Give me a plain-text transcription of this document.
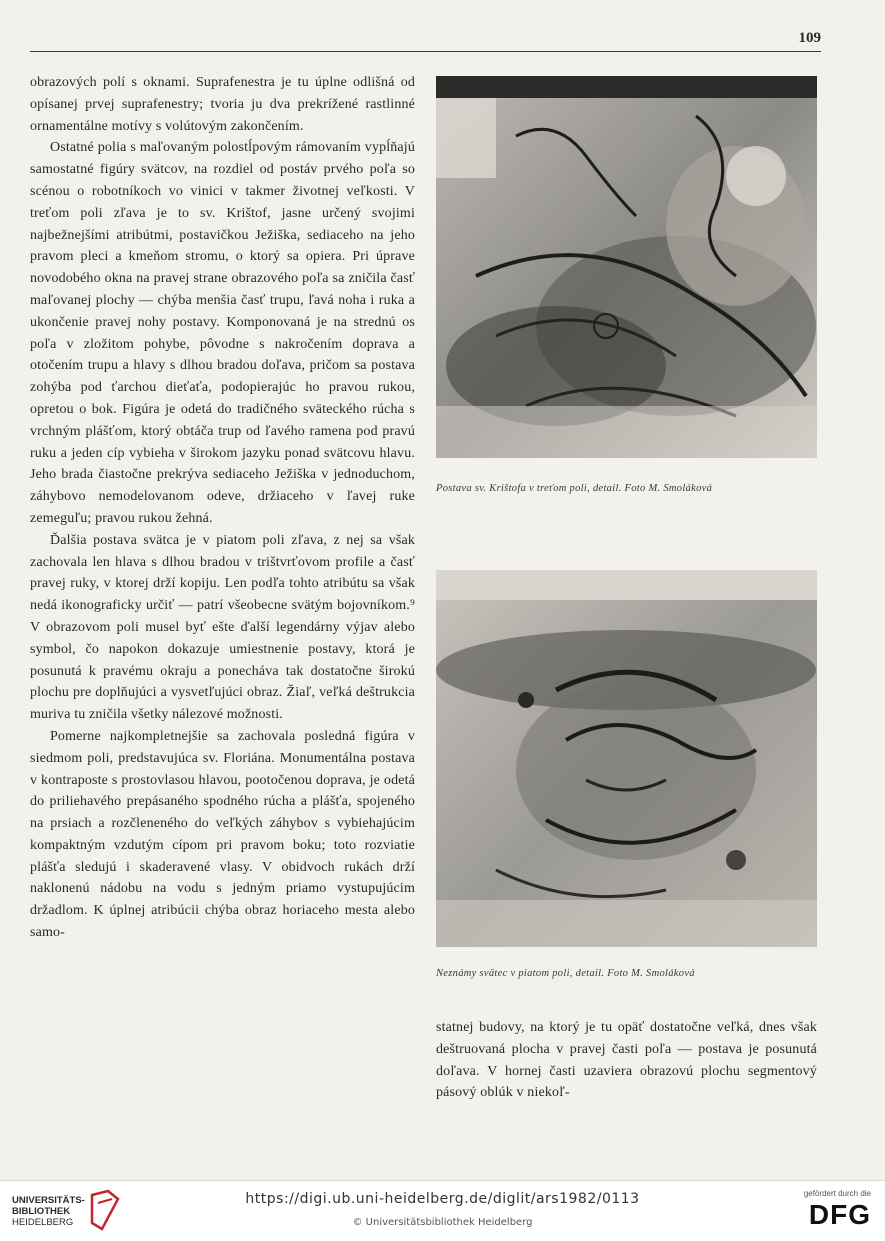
109

obrazových polí s oknami. Suprafenestra je tu úplne odlišná od opísanej prvej suprafenestry; tvoria ju dva prekrížené rastlinné ornamentálne motívy s volútovým zakončením.

Ostatné polia s maľovaným polostĺpovým rámovaním vypĺňajú samostatné figúry svätcov, na rozdiel od postáv prvého poľa so scénou o robotníkoch vo vinici v takmer životnej veľkosti. V treťom poli zľava je to sv. Krištof, jasne určený svojimi najbežnejšími atribútmi, postavičkou Ježiška, sediaceho na jeho pravom pleci a kmeňom stromu, o ktorý sa opiera. Pri úprave novodobého okna na pravej strane obrazového poľa sa zničila časť maľovanej plochy — chýba menšia časť trupu, ľavá noha i ruka a ukončenie pravej nohy postavy. Komponovaná je na strednú os poľa v zložitom pohybe, pôvodne s nakročením doprava a otočením trupu a hlavy s dlhou bradou doľava, pričom sa postava zohýba pod ťarchou dieťaťa, podopierajúc ho pravou rukou, opretou o bok. Figúra je odetá do tradičného sväteckého rúcha s vrchným plášťom, ktorý obtáča trup od ľavého ramena pod pravú ruku a jeden cíp vybieha v širokom jazyku ponad svätcovu hlavu. Jeho brada čiastočne prekrýva sediaceho Ježiška v jednoduchom, záhybovo nemodelovanom odeve, držiaceho v ľavej ruke zemeguľu; pravou rukou žehná.

Ďalšia postava svätca je v piatom poli zľava, z nej sa však zachovala len hlava s dlhou bradou v trištvrťovom profile a časť pravej ruky, v ktorej drží kopiju. Len podľa tohto atribútu sa však nedá ikonograficky určiť — patrí všeobecne svätým bojovníkom.⁹ V obrazovom poli musel byť ešte ďalší legendárny výjav alebo symbol, čo napokon dokazuje umiestnenie postavy, ktorá je posunutá k pravému okraju a ponecháva tak dostatočne širokú plochu pre doplňujúci a vysvetľujúci obraz. Žiaľ, veľká deštrukcia muriva tu zničila všetky nálezové možnosti.

Pomerne najkompletnejšie sa zachovala posledná figúra v siedmom poli, predstavujúca sv. Floriána. Monumentálna postava v kontraposte s prostovlasou hlavou, pootočenou doprava, je odetá do priliehavého prepásaného spodného rúcha a plášťa, spojeného na prsiach a rozčleneného do veľkých záhybov s vybiehajúcim kompaktným vzdutým cípom pri pravom boku; toto rozviatie plášťa sledujú i skaderavené vlasy. V obidvoch rukách drží naklonenú nádobu na vodu s jedným priamo vystupujúcim držadlom. K úplnej atribúcii chýba obraz horiaceho mesta alebo samo-

Postava sv. Krištofa v treťom poli, detail. Foto M. Smoláková
Neznámy svätec v piatom poli, detail. Foto M. Smoláková
statnej budovy, na ktorý je tu opäť dostatočne veľká, dnes však deštruovaná plocha v pravej časti poľa — postava je posunutá doľava. V hornej časti uzaviera obrazovú plochu segmentový pásový oblúk v niekoľ-
UNIVERSITÄTS-
BIBLIOTHEK
HEIDELBERG
https://digi.ub.uni-heidelberg.de/diglit/ars1982/0113
© Universitätsbibliothek Heidelberg
gefördert durch die
DFG
